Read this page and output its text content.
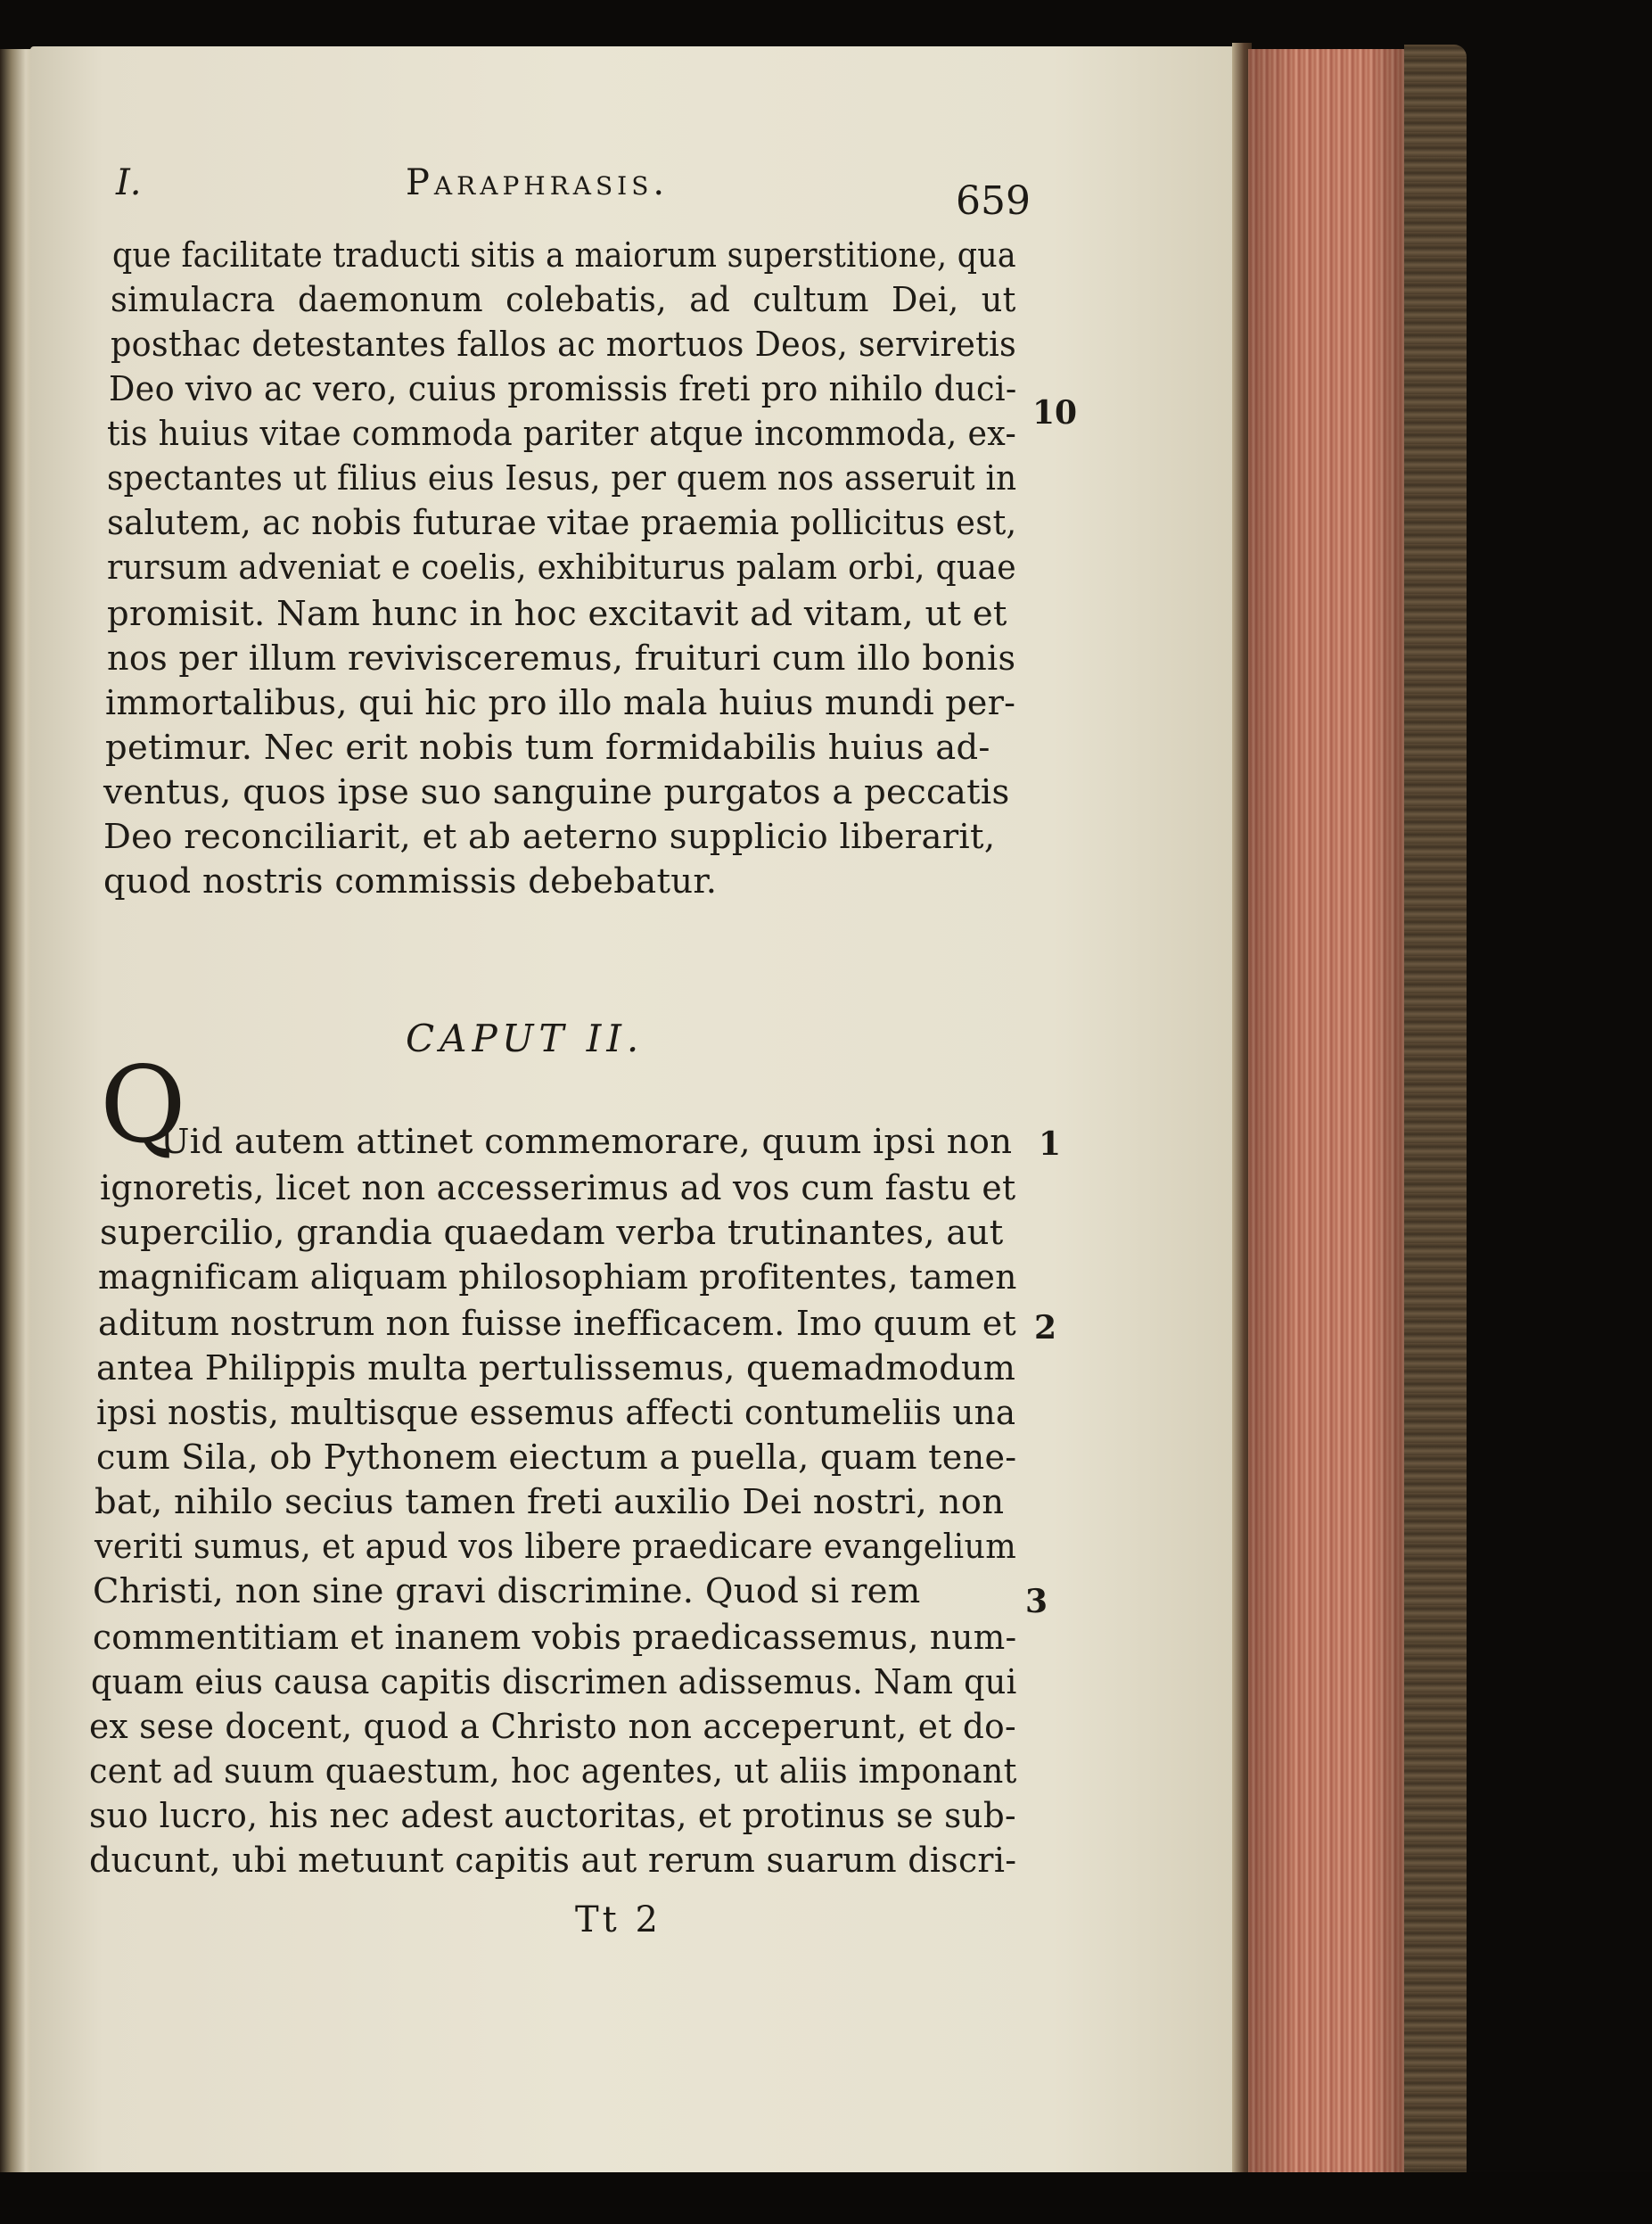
I.	Paraphrasis.	659
que facilitate traducti sitis a maiorum superstitione, qua
simulacra daemonum colebatis, ad cultum Dei, ut
posthac detestantes fallos ac mortuos Deos, serviretis
Deo vivo ac vero, cuius promissis freti pro nihilo duci-
tis huius vitae commoda pariter atque incommoda, ex-
spectantes ut filius eius Iesus, per quem nos asseruit in
salutem, ac nobis futurae vitae praemia pollicitus est,
rursum adveniat e coelis, exhibiturus palam orbi, quae
promisit. Nam hunc in hoc excitavit ad vitam, ut et
nos per illum revivisceremus, fruituri cum illo bonis
immortalibus, qui hic pro illo mala huius mundi per-
petimur. Nec erit nobis tum formidabilis huius ad-
ventus, quos ipse suo sanguine purgatos a peccatis
Deo reconciliarit, et ab aeterno supplicio liberarit,
quod nostris commissis debebatur.
10
1
2
3
CAPUT II.
Q
Uid autem attinet commemorare, quum ipsi non
ignoretis, licet non accesserimus ad vos cum fastu et
supercilio, grandia quaedam verba trutinantes, aut
magnificam aliquam philosophiam profitentes, tamen
aditum nostrum non fuisse inefficacem. Imo quum et
antea Philippis multa pertulissemus, quemadmodum
ipsi nostis, multisque essemus affecti contumeliis una
cum Sila, ob Pythonem eiectum a puella, quam tene-
bat, nihilo secius tamen freti auxilio Dei nostri, non
veriti sumus, et apud vos libere praedicare evangelium
Christi, non sine gravi discrimine. Quod si rem
commentitiam et inanem vobis praedicassemus, num-
quam eius causa capitis discrimen adissemus. Nam qui
ex sese docent, quod a Christo non acceperunt, et do-
cent ad suum quaestum, hoc agentes, ut aliis imponant
suo lucro, his nec adest auctoritas, et protinus se sub-
ducunt, ubi metuunt capitis aut rerum suarum discri-
Tt 2
